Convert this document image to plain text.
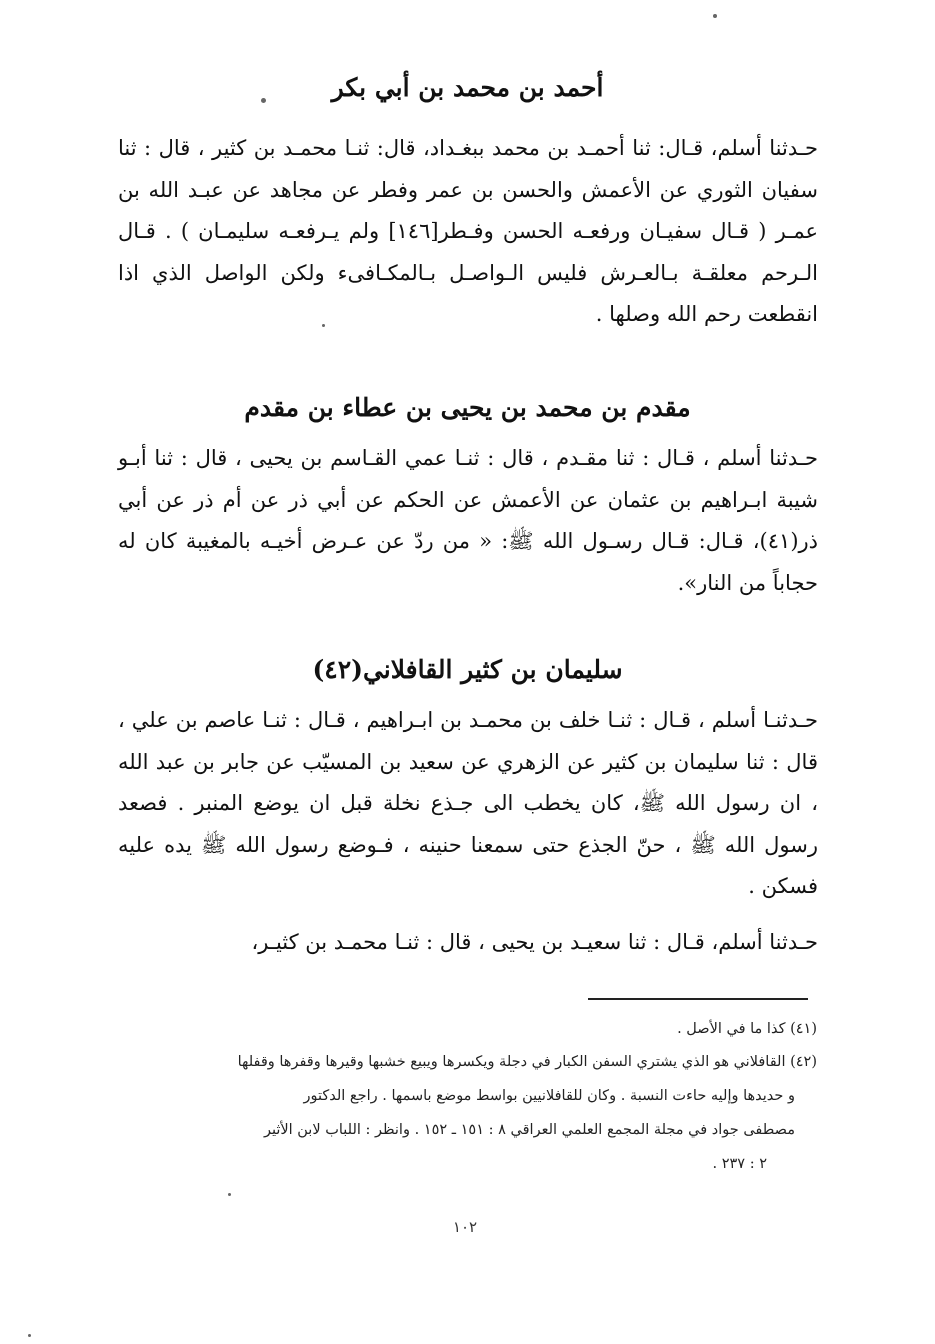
أحمد بن محمد بن أبي بكر
حـدثنا أسلم، قـال: ثنا أحمـد بن محمد ببغـداد، قال: ثنـا محمـد بن كثير ، قال : ثنا سفيان الثوري عن الأعمش والحسن بن عمر وفطر عن مجاهد عن عبـد الله بن عمـر ( قـال سفيـان ورفعـه الحسن وفـطر[١٤٦] ولم يـرفعـه سليمـان ) . قـال الـرحم معلقـة بـالعـرش فليس الـواصـل بـالمكـافىء ولكن الواصل الذي اذا انقطعت رحم الله وصلها .
مقدم بن محمد بن يحيى بن عطاء بن مقدم
حـدثنا أسلم ، قـال : ثنا مقـدم ، قال : ثنـا عمي القـاسم بن يحيى ، قال : ثنا أبـو شيبة ابـراهيم بن عثمان عن الأعمش عن الحكم عن أبي ذر عن أم ذر عن أبي ذر(٤١)، قـال: قـال رسـول الله ﷺ: « من ردّ عن عـرض أخيـه بالمغيبة كان له حجاباً من النار».
سليمان بن كثير القافلاني(٤٢)
حـدثنـا أسلم ، قـال : ثنـا خلف بن محمـد بن ابـراهيم ، قـال : ثنـا عاصم بن علي ، قال : ثنا سليمان بن كثير عن الزهري عن سعيد بن المسيّب عن جابر بن عبد الله ، ان رسول الله ﷺ، كان يخطب الى جـذع نخلة قبل ان يوضع المنبر . فصعد رسول الله ﷺ ، حنّ الجذع حتى سمعنا حنينه ، فـوضع رسول الله ﷺ يده عليه فسكن .
حـدثنا أسلم، قـال : ثنا سعيـد بن يحيى ، قال : ثنـا محمـد بن كثيـر،
(٤١) كذا ما في الأصل .
(٤٢) القافلاني هو الذي يشتري السفن الكبار في دجلة ويكسرها ويبيع خشبها وقيرها وقفرها وقفلها
و حديدها وإليه حاءت النسبة . وكان للقافلانيين بواسط موضع باسمها . راجع الدكتور
مصطفى جواد في مجلة المجمع العلمي العراقي ٨ : ١٥١ ـ ١٥٢ . وانظر : اللباب لابن الأثير
٢ : ٢٣٧ .
١٠٢
